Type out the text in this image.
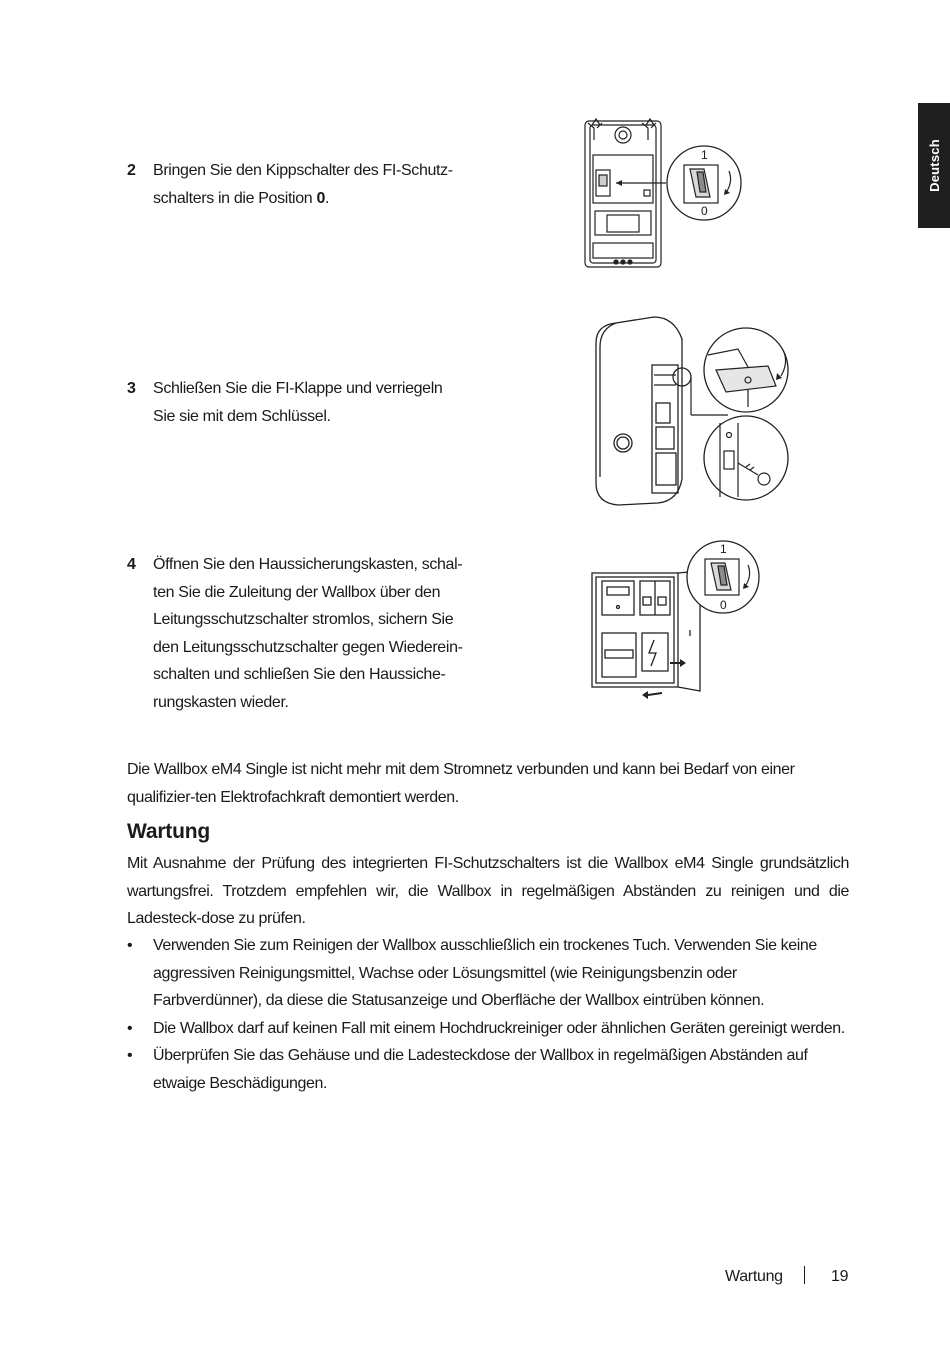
Deutsch
2 Bringen Sie den Kippschalter des FI-Schutz-schalters in die Position 0.
1
0
3 Schließen Sie die FI-Klappe und verriegeln Sie sie mit dem Schlüssel.
4 Öffnen Sie den Haussicherungskasten, schal-ten Sie die Zuleitung der Wallbox über den Leitungsschutzschalter stromlos, sichern Sie den Leitungsschutzschalter gegen Wiederein-schalten und schließen Sie den Haussiche-rungskasten wieder.
1
0
Die Wallbox eM4 Single ist nicht mehr mit dem Stromnetz verbunden und kann bei Bedarf von einer qualifizier-ten Elektrofachkraft demontiert werden.
Wartung
Mit Ausnahme der Prüfung des integrierten FI-Schutzschalters ist die Wallbox eM4 Single grundsätzlich wartungsfrei. Trotzdem empfehlen wir, die Wallbox in regelmäßigen Abständen zu reinigen und die Ladesteck-dose zu prüfen.
• Verwenden Sie zum Reinigen der Wallbox ausschließlich ein trockenes Tuch. Verwenden Sie keine aggressiven Reinigungsmittel, Wachse oder Lösungsmittel (wie Reinigungsbenzin oder Farbverdünner), da diese die Statusanzeige und Oberfläche der Wallbox eintrüben können.
• Die Wallbox darf auf keinen Fall mit einem Hochdruckreiniger oder ähnlichen Geräten gereinigt werden.
• Überprüfen Sie das Gehäuse und die Ladesteckdose der Wallbox in regelmäßigen Abständen auf etwaige Beschädigungen.
Wartung	19
